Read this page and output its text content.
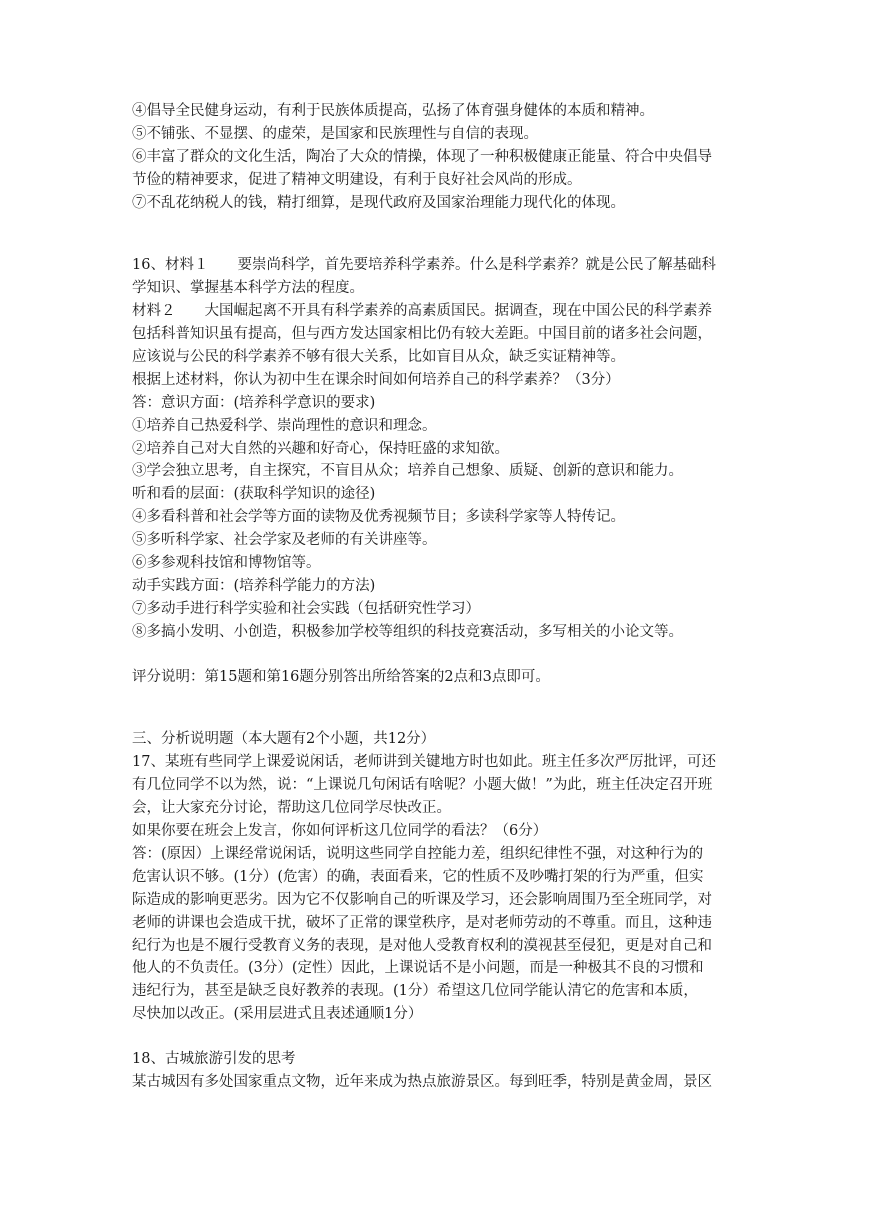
④倡导全民健身运动，有利于民族体质提高，弘扬了体育强身健体的本质和精神。
⑤不铺张、不显摆、的虚荣，是国家和民族理性与自信的表现。
⑥丰富了群众的文化生活，陶冶了大众的情操，体现了一种积极健康正能量、符合中央倡导
节俭的精神要求，促进了精神文明建设，有利于良好社会风尚的形成。
⑦不乱花纳税人的钱，精打细算，是现代政府及国家治理能力现代化的体现。
16、材料１　　要崇尚科学，首先要培养科学素养。什么是科学素养？就是公民了解基础科
学知识、掌握基本科学方法的程度。
材料２　　大国崛起离不开具有科学素养的高素质国民。据调查，现在中国公民的科学素养
包括科普知识虽有提高，但与西方发达国家相比仍有较大差距。中国目前的诸多社会问题，
应该说与公民的科学素养不够有很大关系，比如盲目从众，缺乏实证精神等。
根据上述材料，你认为初中生在课余时间如何培养自己的科学素养？（3分）
答：意识方面：(培养科学意识的要求)
①培养自己热爱科学、崇尚理性的意识和理念。
②培养自己对大自然的兴趣和好奇心，保持旺盛的求知欲。
③学会独立思考，自主探究，不盲目从众；培养自己想象、质疑、创新的意识和能力。
听和看的层面：(获取科学知识的途径)
④多看科普和社会学等方面的读物及优秀视频节目；多读科学家等人特传记。
⑤多听科学家、社会学家及老师的有关讲座等。
⑥多参观科技馆和博物馆等。
动手实践方面：(培养科学能力的方法)
⑦多动手进行科学实验和社会实践（包括研究性学习）
⑧多搞小发明、小创造，积极参加学校等组织的科技竞赛活动，多写相关的小论文等。
评分说明：第15题和第16题分别答出所给答案的2点和3点即可。
三、分析说明题（本大题有2个小题，共12分）
17、某班有些同学上课爱说闲话，老师讲到关键地方时也如此。班主任多次严厉批评，可还
有几位同学不以为然，说：“上课说几句闲话有啥呢？小题大做！”为此，班主任决定召开班
会，让大家充分讨论，帮助这几位同学尽快改正。
如果你要在班会上发言，你如何评析这几位同学的看法？（6分）
答：(原因）上课经常说闲话，说明这些同学自控能力差，组织纪律性不强，对这种行为的
危害认识不够。(1分）(危害）的确，表面看来，它的性质不及吵嘴打架的行为严重，但实
际造成的影响更恶劣。因为它不仅影响自己的听课及学习，还会影响周围乃至全班同学，对
老师的讲课也会造成干扰，破坏了正常的课堂秩序，是对老师劳动的不尊重。而且，这种违
纪行为也是不履行受教育义务的表现，是对他人受教育权利的漠视甚至侵犯，更是对自己和
他人的不负责任。(3分）(定性）因此，上课说话不是小问题，而是一种极其不良的习惯和
违纪行为，甚至是缺乏良好教养的表现。(1分）希望这几位同学能认清它的危害和本质，
尽快加以改正。(采用层进式且表述通顺1分）
18、古城旅游引发的思考
某古城因有多处国家重点文物，近年来成为热点旅游景区。每到旺季，特别是黄金周，景区
